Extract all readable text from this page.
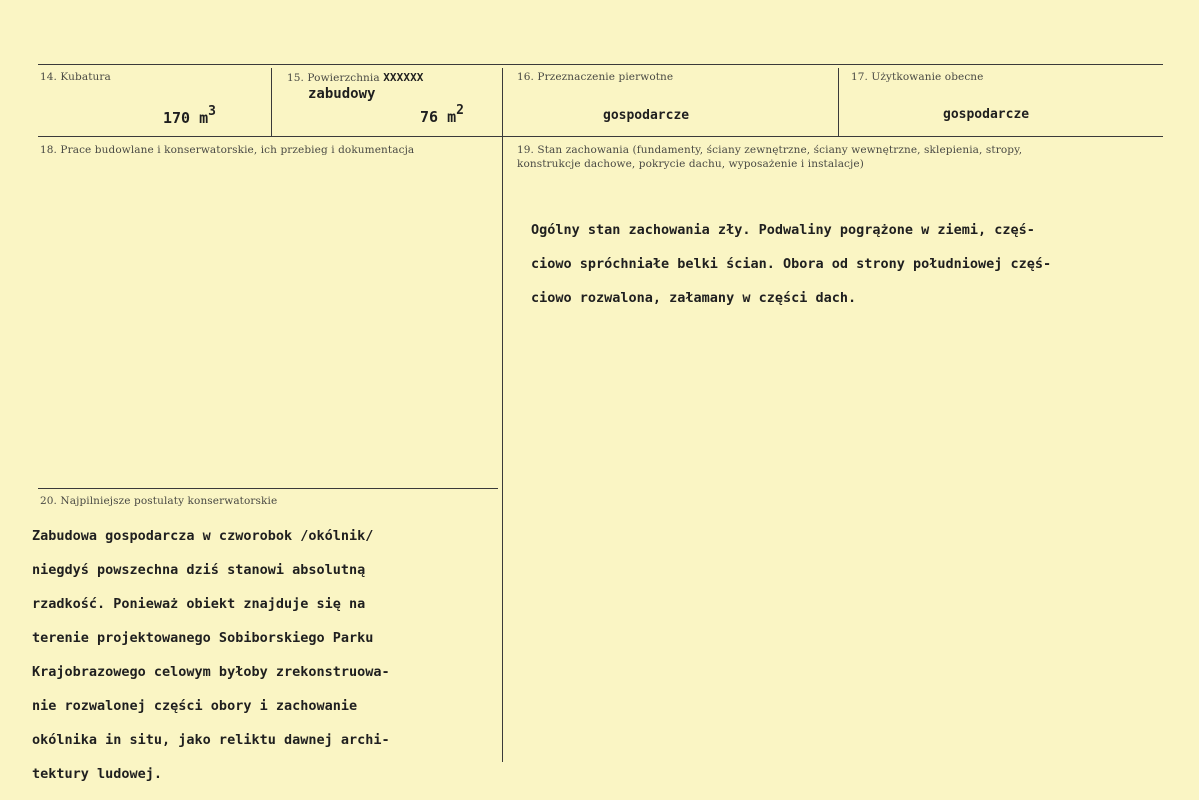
14. Kubatura
170 $m^3$
15. Powierzchnia XXXXXX
zabudowy
76 $m^2$
16. Przeznaczenie pierwotne
gospodarcze
17. Użytkowanie obecne
gospodarcze
18. Prace budowlane i konserwatorskie, ich przebieg i dokumentacja	19. Stan zachowania (fundamenty, ściany zewnętrzne, ściany wewnętrzne, sklepienia, stropy,
konstrukcje dachowe, pokrycie dachu, wyposażenie i instalacje)

Ogólny stan zachowania zły. Podwaliny pogrążone w ziemi, częś-

ciowo spróchniałe belki ścian. Obora od strony południowej częś-

ciowo rozwalona, załamany w części dach.

20. Najpilniejsze postulaty konserwatorskie

Zabudowa gospodarcza w czworobok /okólnik/

niegdyś powszechna dziś stanowi absolutną

rzadkość. Ponieważ obiekt znajduje się na

terenie projektowanego Sobiborskiego Parku

Krajobrazowego celowym byłoby zrekonstruowa-

nie rozwalonej części obory i zachowanie

okólnika in situ, jako reliktu dawnej archi-

tektury ludowej.
